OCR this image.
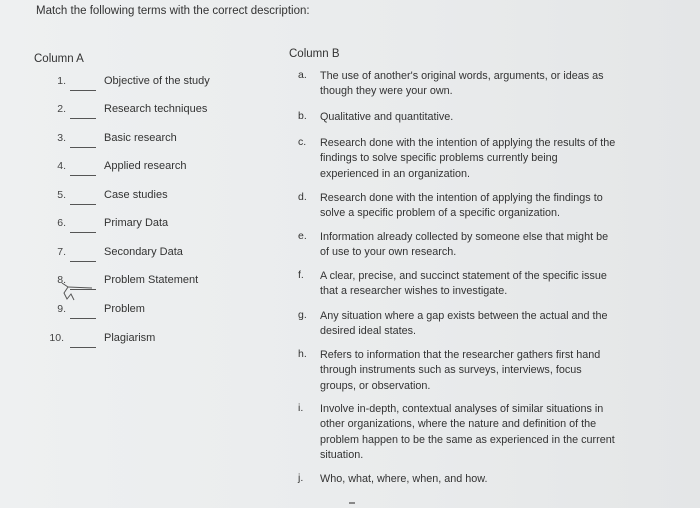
Match the following terms with the correct description:
Column A	Column B
1.	Objective of the study
2.	Research techniques
3.	Basic research
4.	Applied research
5.	Case studies
6.	Primary Data
7.	Secondary Data
8.	Problem Statement
9.	Problem
10.	Plagiarism
a.	The use of another's original words, arguments, or ideas as though they were your own.
b.	Qualitative and quantitative.
c.	Research done with the intention of applying the results of the findings to solve specific problems currently being experienced in an organization.
d.	Research done with the intention of applying the findings to solve a specific problem of a specific organization.
e.	Information already collected by someone else that might be of use to your own research.
f.	A clear, precise, and succinct statement of the specific issue that a researcher wishes to investigate.
g.	Any situation where a gap exists between the actual and the desired ideal states.
h.	Refers to information that the researcher gathers first hand through instruments such as surveys, interviews, focus groups, or observation.
i.	Involve in-depth, contextual analyses of similar situations in other organizations, where the nature and definition of the problem happen to be the same as experienced in the current situation.
j.	Who, what, where, when, and how.
